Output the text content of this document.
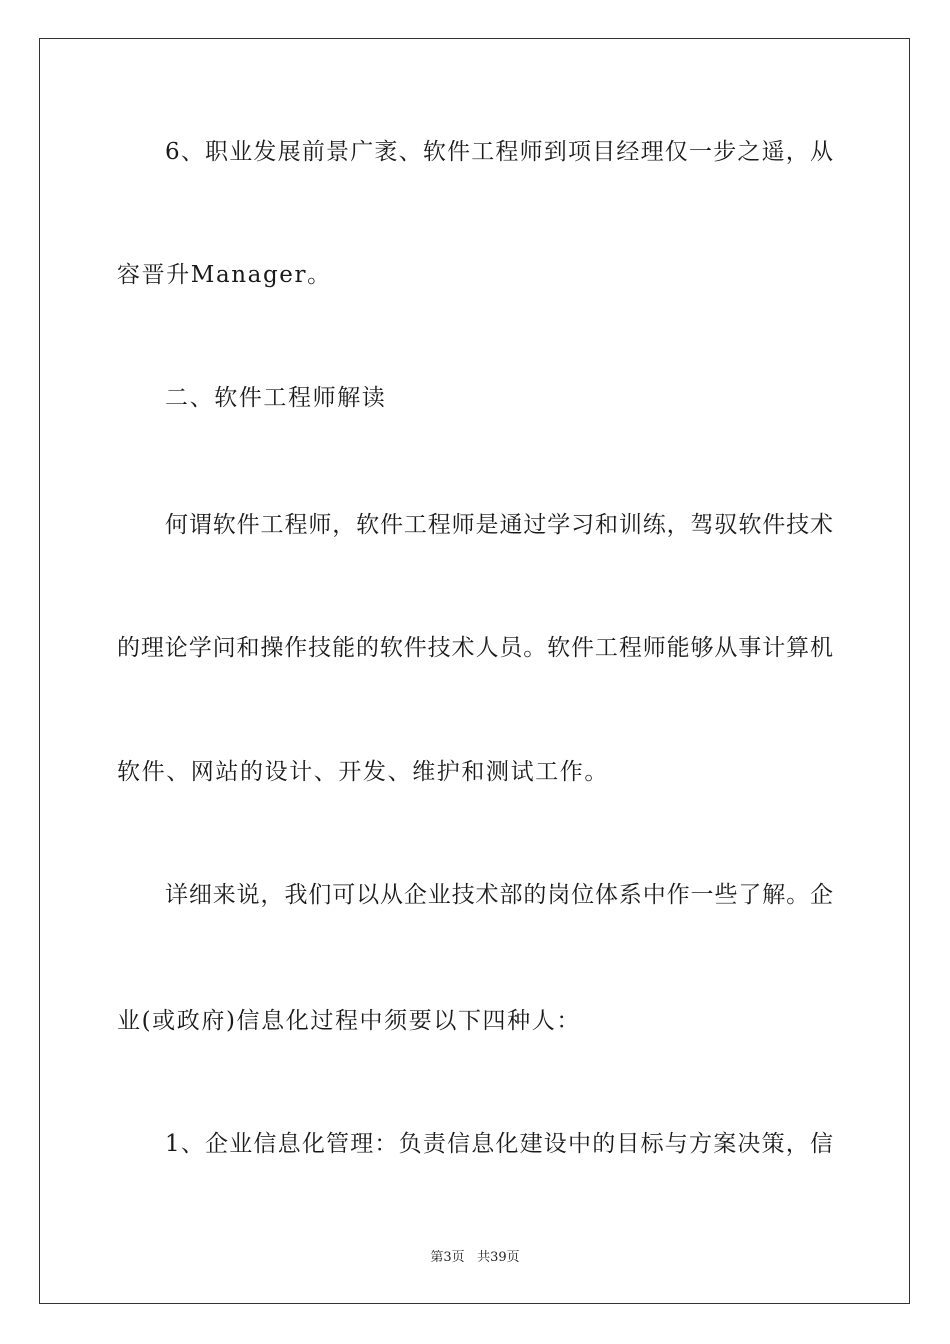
6、职业发展前景广袤、软件工程师到项目经理仅一步之遥，从
容晋升Manager。
二、软件工程师解读
何谓软件工程师，软件工程师是通过学习和训练，驾驭软件技术
的理论学问和操作技能的软件技术人员。软件工程师能够从事计算机
软件、网站的设计、开发、维护和测试工作。
详细来说，我们可以从企业技术部的岗位体系中作一些了解。企
业(或政府)信息化过程中须要以下四种人：
1、企业信息化管理：负责信息化建设中的目标与方案决策，信
第3页 共39页
